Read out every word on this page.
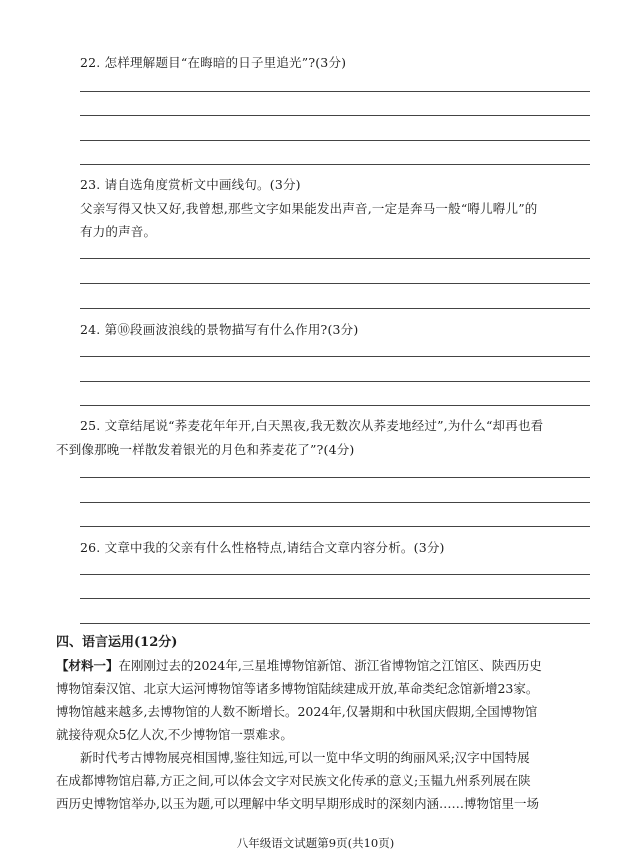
22. 怎样理解题目“在晦暗的日子里追光”?(3分)
23. 请自选角度赏析文中画线句。(3分)
父亲写得又快又好,我曾想,那些文字如果能发出声音,一定是奔马一般“嘚儿嘚儿”的
有力的声音。
24. 第⑩段画波浪线的景物描写有什么作用?(3分)
25. 文章结尾说“荞麦花年年开,白天黑夜,我无数次从荞麦地经过”,为什么“却再也看
不到像那晚一样散发着银光的月色和荞麦花了”?(4分)
26. 文章中我的父亲有什么性格特点,请结合文章内容分析。(3分)
四、语言运用(12分)
【材料一】在刚刚过去的2024年,三星堆博物馆新馆、浙江省博物馆之江馆区、陕西历史
博物馆秦汉馆、北京大运河博物馆等诸多博物馆陆续建成开放,革命类纪念馆新增23家。
博物馆越来越多,去博物馆的人数不断增长。2024年,仅暑期和中秋国庆假期,全国博物馆
就接待观众5亿人次,不少博物馆一票难求。
新时代考古博物展亮相国博,鉴往知远,可以一览中华文明的绚丽风采;汉字中国特展
在成都博物馆启幕,方正之间,可以体会文字对民族文化传承的意义;玉韫九州系列展在陕
西历史博物馆举办,以玉为题,可以理解中华文明早期形成时的深刻内涵……博物馆里一场
八年级语文试题第9页(共10页)
